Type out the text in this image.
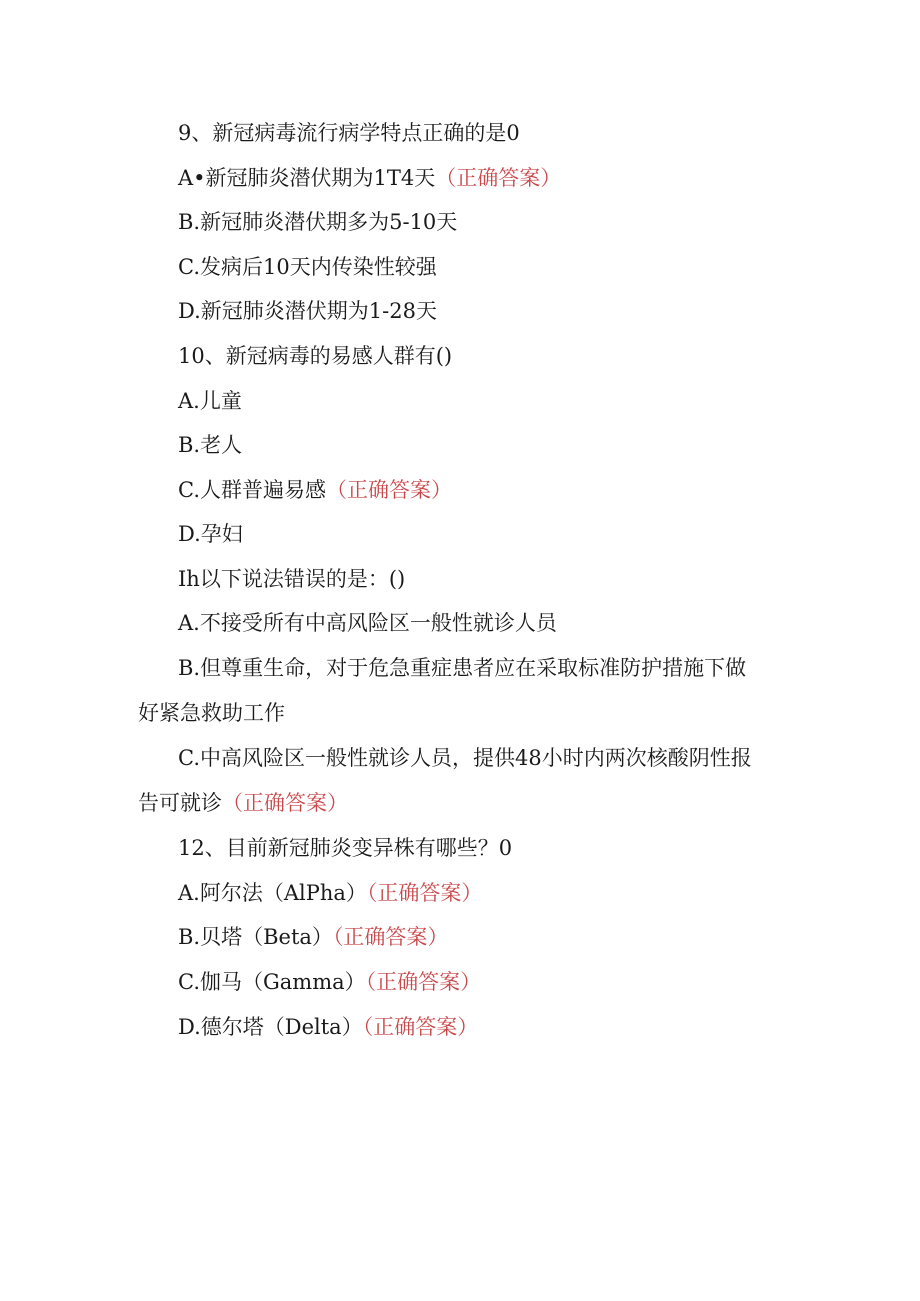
9、新冠病毒流行病学特点正确的是0
A•新冠肺炎潜伏期为1T4天（正确答案）
B.新冠肺炎潜伏期多为5-10天
C.发病后10天内传染性较强
D.新冠肺炎潜伏期为1-28天
10、新冠病毒的易感人群有()
A.儿童
B.老人
C.人群普遍易感（正确答案）
D.孕妇
Ih以下说法错误的是：()
A.不接受所有中高风险区一般性就诊人员
B.但尊重生命，对于危急重症患者应在采取标准防护措施下做
好紧急救助工作
C.中高风险区一般性就诊人员，提供48小时内两次核酸阴性报
告可就诊（正确答案）
12、目前新冠肺炎变异株有哪些？0
A.阿尔法（AlPha）（正确答案）
B.贝塔（Beta）（正确答案）
C.伽马（Gamma）（正确答案）
D.德尔塔（Delta）（正确答案）
